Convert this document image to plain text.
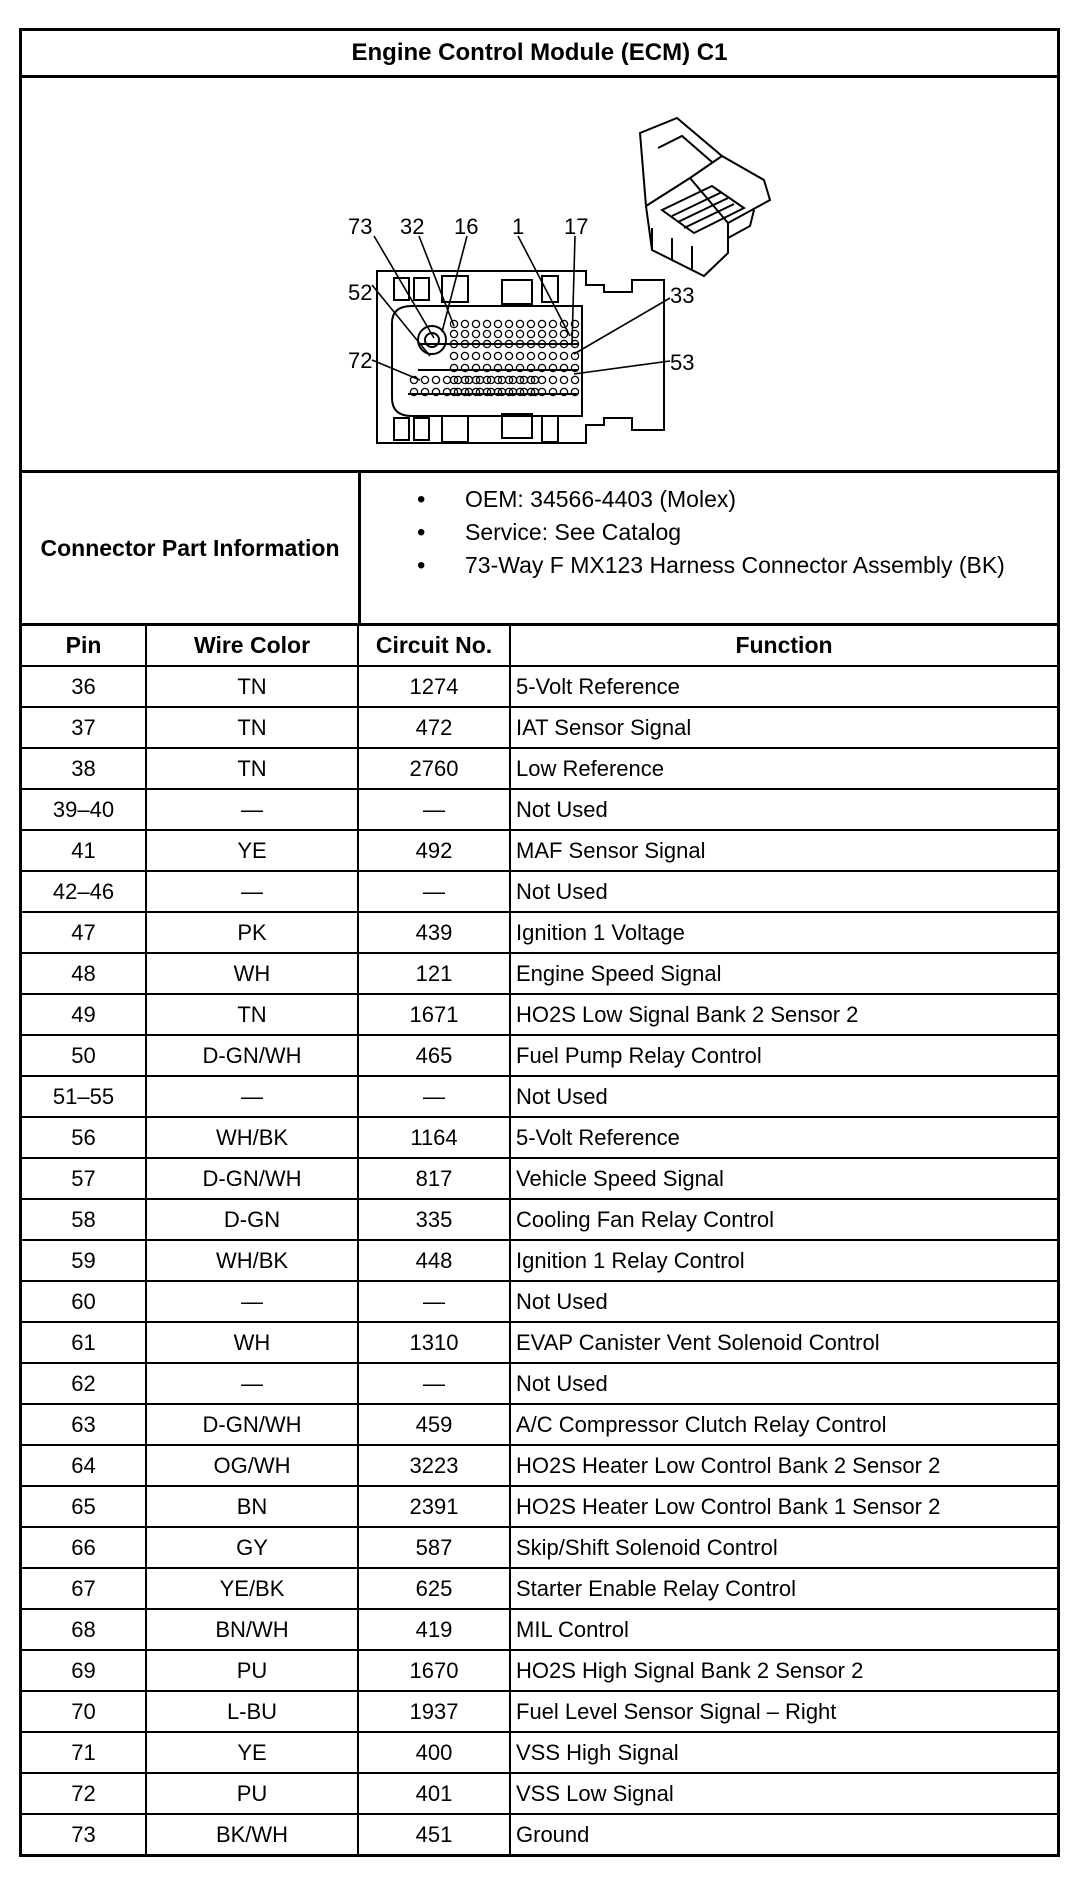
Engine Control Module (ECM) C1
73 32 16 1 17
52	33
72	53
Connector Part Information
• OEM: 34566-4403 (Molex)
• Service: See Catalog
• 73-Way F MX123 Harness Connector Assembly (BK)
Pin	Wire Color	Circuit No.	Function
36	TN	1274	5-Volt Reference
37	TN	472	IAT Sensor Signal
38	TN	2760	Low Reference
39–40	—	—	Not Used
41	YE	492	MAF Sensor Signal
42–46	—	—	Not Used
47	PK	439	Ignition 1 Voltage
48	WH	121	Engine Speed Signal
49	TN	1671	HO2S Low Signal Bank 2 Sensor 2
50	D-GN/WH	465	Fuel Pump Relay Control
51–55	—	—	Not Used
56	WH/BK	1164	5-Volt Reference
57	D-GN/WH	817	Vehicle Speed Signal
58	D-GN	335	Cooling Fan Relay Control
59	WH/BK	448	Ignition 1 Relay Control
60	—	—	Not Used
61	WH	1310	EVAP Canister Vent Solenoid Control
62	—	—	Not Used
63	D-GN/WH	459	A/C Compressor Clutch Relay Control
64	OG/WH	3223	HO2S Heater Low Control Bank 2 Sensor 2
65	BN	2391	HO2S Heater Low Control Bank 1 Sensor 2
66	GY	587	Skip/Shift Solenoid Control
67	YE/BK	625	Starter Enable Relay Control
68	BN/WH	419	MIL Control
69	PU	1670	HO2S High Signal Bank 2 Sensor 2
70	L-BU	1937	Fuel Level Sensor Signal – Right
71	YE	400	VSS High Signal
72	PU	401	VSS Low Signal
73	BK/WH	451	Ground
